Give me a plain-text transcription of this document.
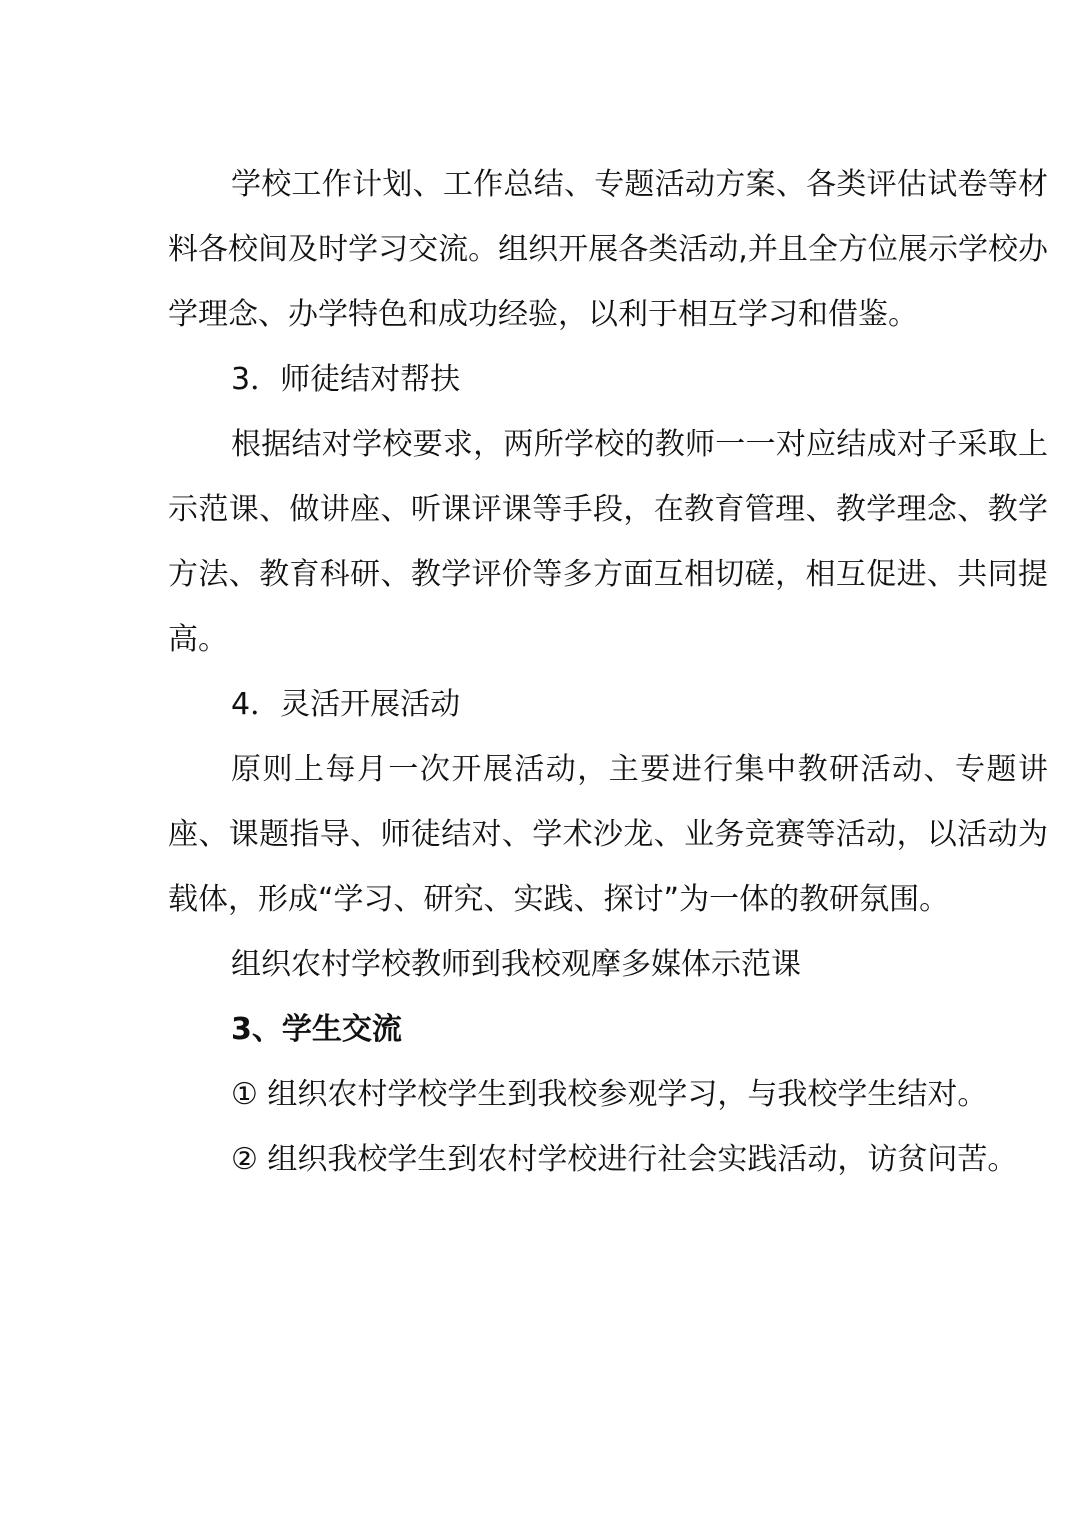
学校工作计划、工作总结、专题活动方案、各类评估试卷等材料各校间及时学习交流。组织开展各类活动,并且全方位展示学校办学理念、办学特色和成功经验，以利于相互学习和借鉴。

3．师徒结对帮扶

根据结对学校要求，两所学校的教师一一对应结成对子采取上示范课、做讲座、听课评课等手段，在教育管理、教学理念、教学方法、教育科研、教学评价等多方面互相切磋，相互促进、共同提高。

4．灵活开展活动

原则上每月一次开展活动，主要进行集中教研活动、专题讲座、课题指导、师徒结对、学术沙龙、业务竞赛等活动，以活动为载体，形成“学习、研究、实践、探讨”为一体的教研氛围。

组织农村学校教师到我校观摩多媒体示范课

3、学生交流

① 组织农村学校学生到我校参观学习，与我校学生结对。

② 组织我校学生到农村学校进行社会实践活动，访贫问苦。
